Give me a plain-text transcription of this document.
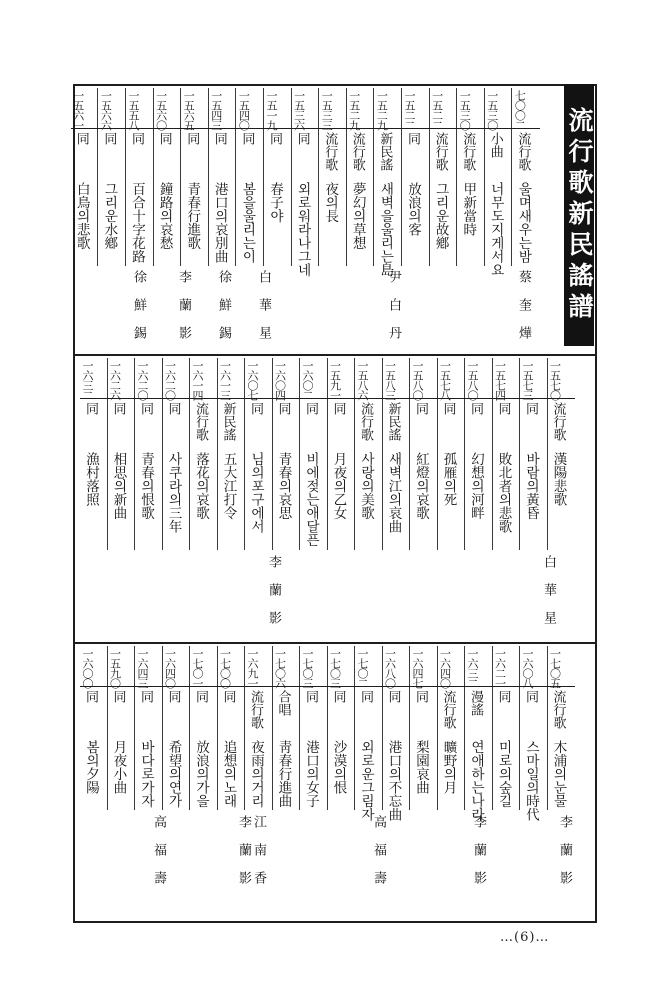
流行歌新民謠譜
七〇〇二
流行歌
울며새우는밤
一五三〇
小曲
너무도지게서요
一五三〇
流行歌
甲新當時
一五二二
流行歌
그리운故鄕
一五二二
同
放浪의客
一五二九
新民謠
새벽을울리는島
一五二九
流行歌
夢幻의草想
一五三三
流行歌
夜의長
一五三六
同
외로워라나그네
一五一九
同
春子야
一五四〇
同
봄을울리는이
一五四三
同
港口의哀別曲
一五六五
同
青春行進歌
一五六〇
同
鐘路의哀愁
一五五八
同
百合十字花路
一五六六
同
그리운水鄕
一五六一
同
白鳥의悲歌
一五七〇
流行歌
漢陽悲歌
一五七三
同
바람의黃昏
一五七四
同
敗北者의悲歌
一五八〇
同
幻想의河畔
一五七八
同
孤雁의死
一五八〇
同
紅燈의哀歌
一五八三
新民謠
새벽江의哀曲
一五八六
流行歌
사랑의美歌
一五九一
同
月夜의乙女
一六〇二
同
비에젖는애달픈
一六〇四
同
青春의哀思
一六〇七
同
님의포구에서
一六一三
新民謠
五大江打令
一六一四
流行歌
落花의哀歌
一六二〇
同
사쿠라의三年
一六二〇
同
青春의恨歌
一六二六
同
相思의新曲
一六三二
同
漁村落照
一七〇五
流行歌
木浦의눈물
一六〇八
同
스마일의時代
一六二一
同
미로의숲길
一六三二
漫謠
연애하는나라
一六四〇
流行歌
曠野의月
一六四七
同
梨園哀曲
一六八〇
同
港口의不忘曲
一七〇二
同
외로운그림자
一七〇三
同
沙漠의恨
一七〇三
同
港口의女子
一七〇六
合唱
靑春行進曲
一六九一
流行歌
夜雨의거리
一七〇〇
同
追想의노래
一七〇一
同
放浪의가을
一六四〇
同
希望의연가
一六四三
同
바다로가자
一五九〇
同
月夜小曲
一六〇〇
同
봄의夕陽
蔡 奎 燁
尹 白 丹
白 華 星
徐 鮮 錫
李 蘭 影
徐 鮮 錫
白 華 星
李 蘭 影
李 蘭 影
李 蘭 影
高 福 壽
江 南 香
李 蘭 影
高 福 壽
…(6)…
